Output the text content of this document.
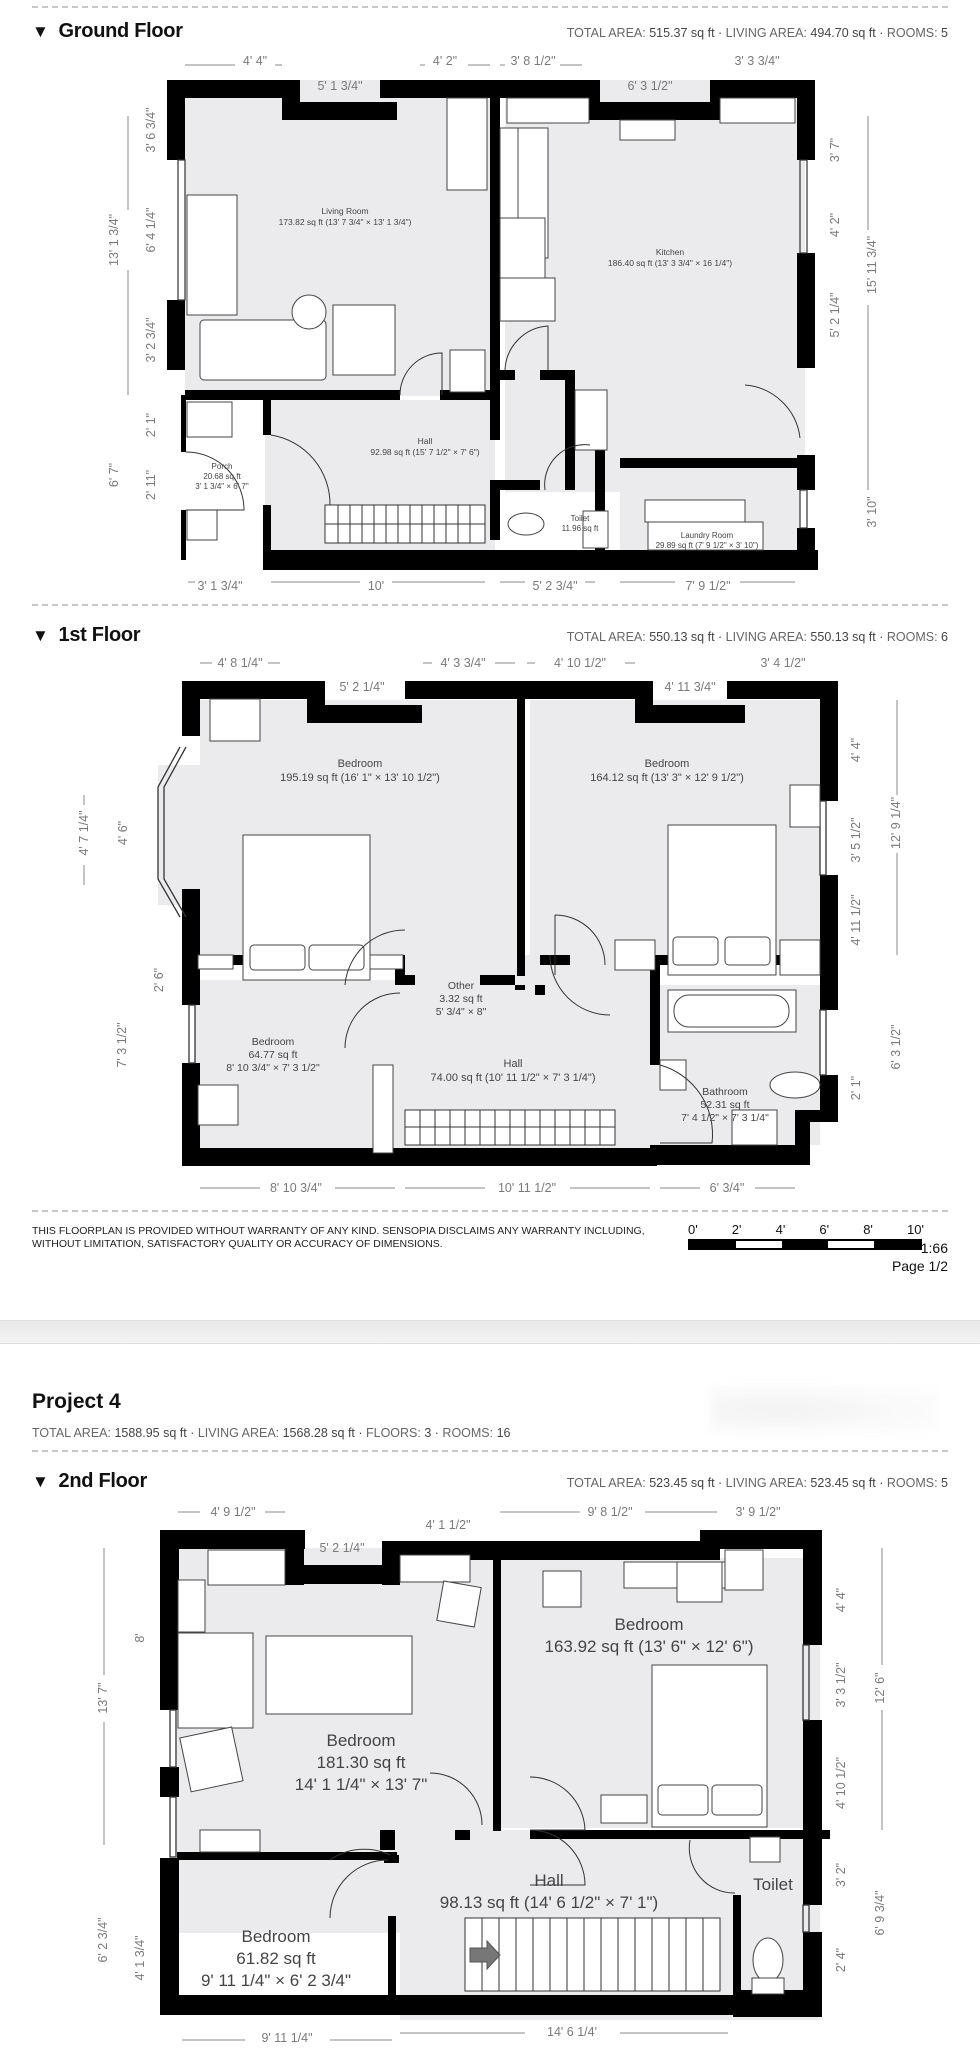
▼ Ground Floor	TOTAL AREA: 515.37 sq ft · LIVING AREA: 494.70 sq ft · ROOMS: 5
Living Room
173.82 sq ft (13' 7 3/4" × 13' 1 3/4")
Kitchen
186.40 sq ft (13' 3 3/4" × 16 1/4")
Hall
92.98 sq ft (15' 7 1/2" × 7' 6")
Porch
20.68 sq ft
3' 1 3/4" × 6' 7"
Toilet
11.96 sq ft
Laundry Room
29.89 sq ft (7' 9 1/2" × 3' 10")
4' 4"
5' 1 3/4"
4' 2"	3' 8 1/2"
6' 3 1/2"
3' 3 3/4"
3' 6 3/4"
6' 4 1/4"
3' 2 3/4"
13' 1 3/4"
2' 1"
2' 11"
6' 7"
3' 7"
4' 2"
5' 2 1/4"
15' 11 3/4"
3' 10"
3' 1 3/4"	10'	5' 2 3/4"	7' 9 1/2"
▼ 1st Floor	TOTAL AREA: 550.13 sq ft · LIVING AREA: 550.13 sq ft · ROOMS: 6
Bedroom
195.19 sq ft (16' 1" × 13' 10 1/2")
Bedroom
164.12 sq ft (13' 3" × 12' 9 1/2")
Other
3.32 sq ft
5' 3/4" × 8"
Bedroom
64.77 sq ft
8' 10 3/4" × 7' 3 1/2"	Hall
74.00 sq ft (10' 11 1/2" × 7' 3 1/4")
Bathroom
52.31 sq ft
7' 4 1/2" × 7' 3 1/4"
4' 8 1/4"
5' 2 1/4"
4' 3 3/4"	4' 10 1/2"
4' 11 3/4"
3' 4 1/2"
4' 7 1/4" 4' 6"
2' 6"
7' 3 1/2"
4' 4"
3' 5 1/2"
4' 11 1/2"
12' 9 1/4"
2' 1"
6' 3 1/2"
8' 10 3/4"	10' 11 1/2"	6' 3/4"
THIS FLOORPLAN IS PROVIDED WITHOUT WARRANTY OF ANY KIND. SENSOPIA DISCLAIMS ANY WARRANTY INCLUDING, WITHOUT LIMITATION, SATISFACTORY QUALITY OR ACCURACY OF DIMENSIONS.
0'	2'	4'	6'	8'	10'
1:66
Page 1/2
Project 4
TOTAL AREA: 1588.95 sq ft · LIVING AREA: 1568.28 sq ft · FLOORS: 3 · ROOMS: 16
▼ 2nd Floor	TOTAL AREA: 523.45 sq ft · LIVING AREA: 523.45 sq ft · ROOMS: 5
Bedroom
181.30 sq ft
14' 1 1/4" × 13' 7"
Bedroom
163.92 sq ft (13' 6" × 12' 6")
Hall
98.13 sq ft (14' 6 1/2" × 7' 1")
Toilet
Bedroom
61.82 sq ft
9' 11 1/4" × 6' 2 3/4"
4' 9 1/2"
5' 2 1/4"
4' 1 1/2"
9' 8 1/2"	3' 9 1/2"
8'
13' 7"
6' 2 3/4" 4' 1 3/4"
4' 4"
3' 3 1/2"
4' 10 1/2"
12' 6"
3' 2"
2' 4"
6' 9 3/4"
9' 11 1/4"	14' 6 1/4'
